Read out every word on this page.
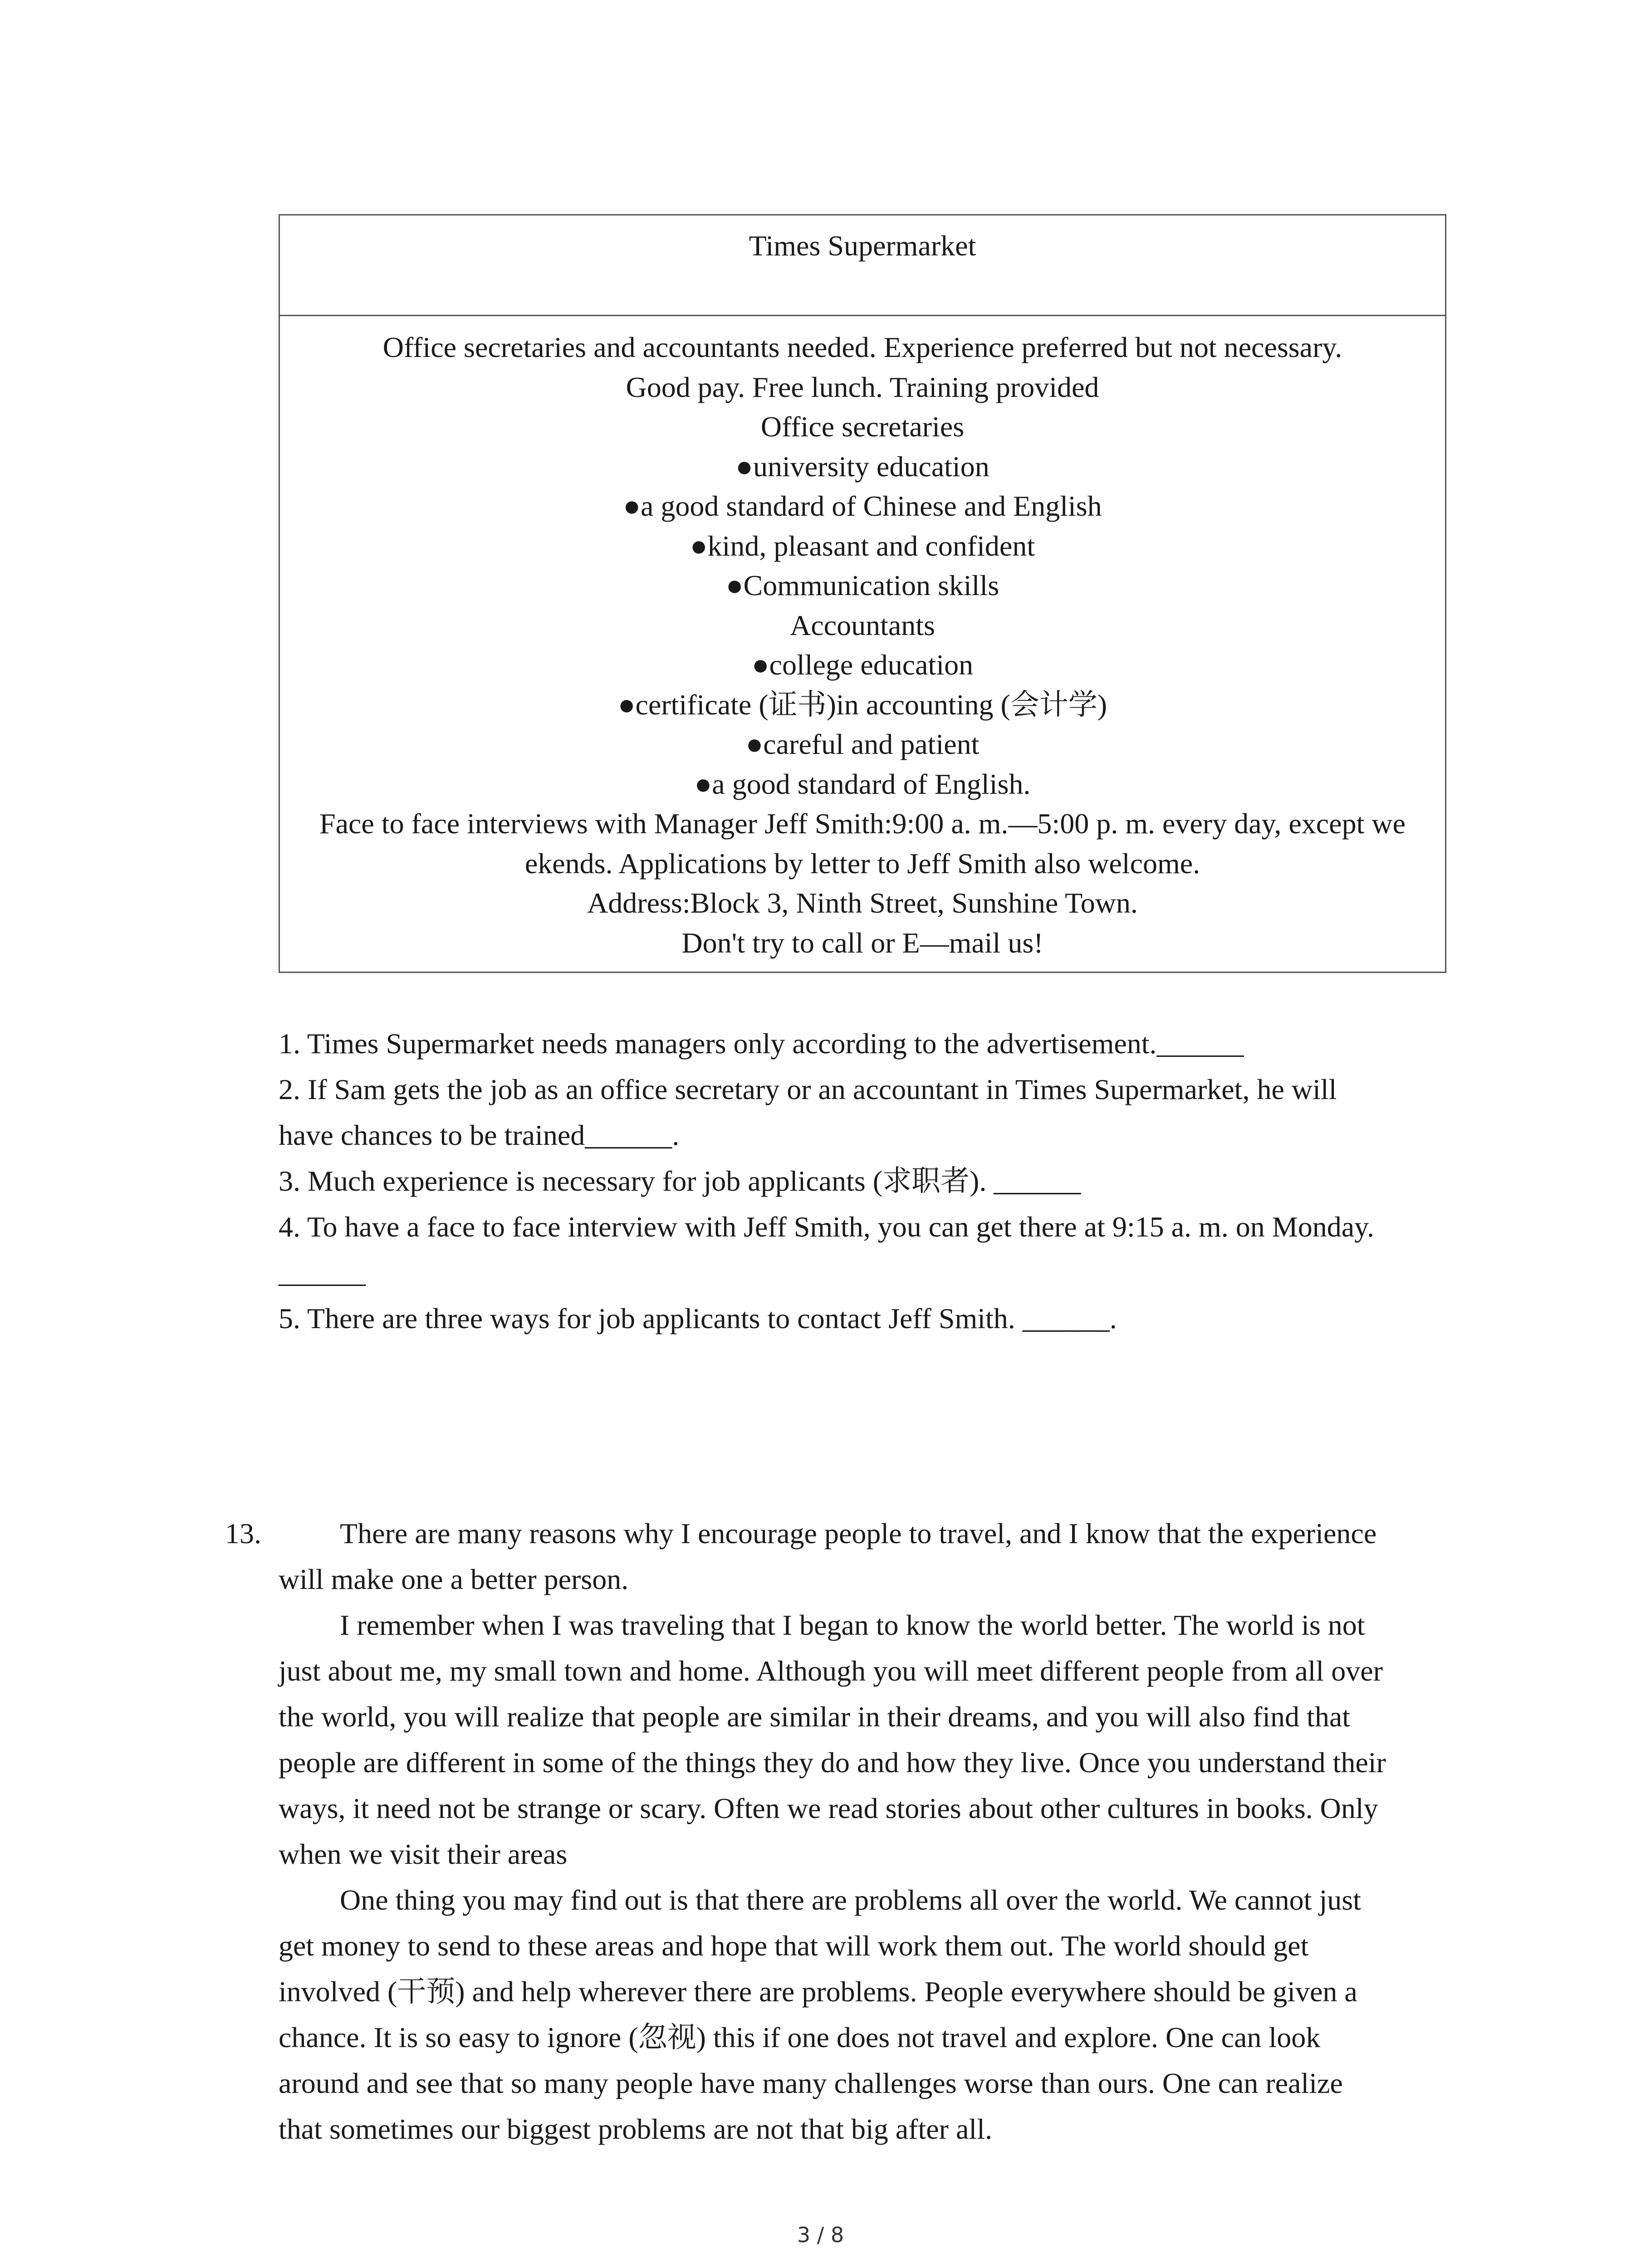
Times Supermarket
Office secretaries and accountants needed. Experience preferred but not necessary.
Good pay. Free lunch. Training provided
Office secretaries
●university education
●a good standard of Chinese and English
●kind, pleasant and confident
●Communication skills
Accountants
●college education
●certificate (证书)in accounting (会计学)
●careful and patient
●a good standard of English.
Face to face interviews with Manager Jeff Smith:9:00 a. m.—5:00 p. m. every day, except we
ekends. Applications by letter to Jeff Smith also welcome.
Address:Block 3, Ninth Street, Sunshine Town.
Don't try to call or E—mail us!
1. Times Supermarket needs managers only according to the advertisement.______
2. If Sam gets the job as an office secretary or an accountant in Times Supermarket, he will
have chances to be trained______.
3. Much experience is necessary for job applicants (求职者). ______
4. To have a face to face interview with Jeff Smith, you can get there at 9:15 a. m. on Monday.
______
5. There are three ways for job applicants to contact Jeff Smith. ______.
13.	There are many reasons why I encourage people to travel, and I know that the experience
will make one a better person.
I remember when I was traveling that I began to know the world better. The world is not
just about me, my small town and home. Although you will meet different people from all over
the world, you will realize that people are similar in their dreams, and you will also find that
people are different in some of the things they do and how they live. Once you understand their
ways, it need not be strange or scary. Often we read stories about other cultures in books. Only
when we visit their areas
One thing you may find out is that there are problems all over the world. We cannot just
get money to send to these areas and hope that will work them out. The world should get
involved (干预) and help wherever there are problems. People everywhere should be given a
chance. It is so easy to ignore (忽视) this if one does not travel and explore. One can look
around and see that so many people have many challenges worse than ours. One can realize
that sometimes our biggest problems are not that big after all.
3 / 8
